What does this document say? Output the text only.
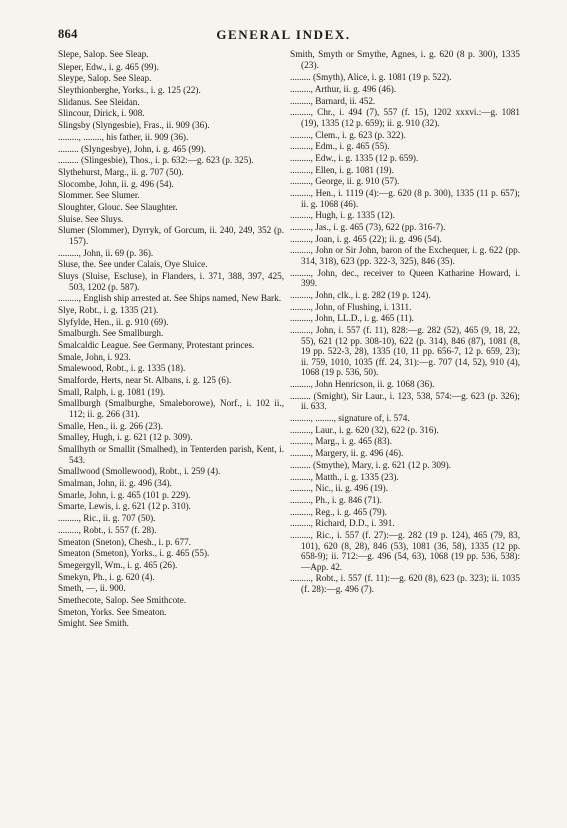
GENERAL INDEX.
864

Slepe, Salop. See Sleap.

Sleper, Edw., i. g. 465 (99).

Sleype, Salop. See Sleap.

Sleythionberghe, Yorks., i. g. 125 (22).

Slidanus. See Sleidan.

Slincour, Dirick, i. 908.

Slingsby (Slyngesbie), Fras., ii. 909 (36).

........., ........, his father, ii. 909 (36).

......... (Slyngesbye), John, i. g. 465 (99).

......... (Slingesbie), Thos., i. p. 632:—g. 623 (p. 325).

Slythehurst, Marg., ii. g. 707 (50).

Slocombe, John, ii. g. 496 (54).

Slommer. See Slumer.

Sloughter, Glouc. See Slaughter.

Sluise. See Sluys.

Slumer (Slommer), Dyrryk, of Gorcum, ii. 240, 249, 352 (p. 157).

........., John, ii. 69 (p. 36).

Sluse, the. See under Calais, Oye Sluice.

Sluys (Sluise, Escluse), in Flanders, i. 371, 388, 397, 425, 503, 1202 (p. 587).

........., English ship arrested at. See Ships named, New Bark.

Slye, Robt., i. g. 1335 (21).

Slyfylde, Hen., ii. g. 910 (69).

Smalburgh. See Smallburgh.

Smalcaldic League. See Germany, Protestant princes.

Smale, John, i. 923.

Smalewood, Robt., i. g. 1335 (18).

Smalforde, Herts, near St. Albans, i. g. 125 (6).

Small, Ralph, i. g. 1081 (19).

Smallburgh (Smalburghe, Smaleborowe), Norf., i. 102 ii., 112; ii. g. 266 (31).

Smalle, Hen., ii. g. 266 (23).

Smalley, Hugh, i. g. 621 (12 p. 309).

Smallhyth or Smallit (Smalhed), in Tenterden parish, Kent, i. 543.

Smallwood (Smollewood), Robt., i. 259 (4).

Smalman, John, ii. g. 496 (34).

Smarle, John, i. g. 465 (101 p. 229).

Smarte, Lewis, i. g. 621 (12 p. 310).

........., Ric., ii. g. 707 (50).

........., Robt., i. 557 (f. 28).

Smeaton (Sneton), Chesh., i. p. 677.

Smeaton (Smeton), Yorks., i. g. 465 (55).

Smegergyll, Wm., i. g. 465 (26).

Smekyn, Ph., i. g. 620 (4).

Smeth, —, ii. 900.

Smethecote, Salop. See Smithcote.

Smeton, Yorks. See Smeaton.

Smight. See Smith.

Smith, Smyth or Smythe, Agnes, i. g. 620 (8 p. 300), 1335 (23).

......... (Smyth), Alice, i. g. 1081 (19 p. 522).

........., Arthur, ii. g. 496 (46).

........., Barnard, ii. 452.

........., Chr., i. 494 (7), 557 (f. 15), 1202 xxxvi.:—g. 1081 (19), 1335 (12 p. 659); ii. g. 910 (32).

........., Clem., i. g. 623 (p. 322).

........., Edm., i. g. 465 (55).

........., Edw., i. g. 1335 (12 p. 659).

........., Ellen, i. g. 1081 (19).

........., George, ii. g. 910 (57).

........., Hen., i. 1119 (4):—g. 620 (8 p. 300), 1335 (11 p. 657); ii. g. 1068 (46).

........., Hugh, i. g. 1335 (12).

........., Jas., i. g. 465 (73), 622 (pp. 316-7).

........., Joan, i. g. 465 (22); ii. g. 496 (54).

........., John or Sir John, baron of the Exchequer, i. g. 622 (pp. 314, 318), 623 (pp. 322-3, 325), 846 (35).

........., John, dec., receiver to Queen Katharine Howard, i. 399.

........., John, clk., i. g. 282 (19 p. 124).

........., John, of Flushing, i. 1311.

........., John, LL.D., i. g. 465 (11).

........., John, i. 557 (f. 11), 828:—g. 282 (52), 465 (9, 18, 22, 55), 621 (12 pp. 308-10), 622 (p. 314), 846 (87), 1081 (8, 19 pp. 522-3, 28), 1335 (10, 11 pp. 656-7, 12 p. 659, 23); ii. 759, 1010, 1035 (ff. 24, 31):—g. 707 (14, 52), 910 (4), 1068 (19 p. 536, 50).

........., John Henricson, ii. g. 1068 (36).

......... (Smight), Sir Laur., i. 123, 538, 574:—g. 623 (p. 326); ii. 633.

........., ........, signature of, i. 574.

........., Laur., i. g. 620 (32), 622 (p. 316).

........., Marg., i. g. 465 (83).

........., Margery, ii. g. 496 (46).

......... (Smythe), Mary, i. g. 621 (12 p. 309).

........., Matth., i. g. 1335 (23).

........., Nic., ii. g. 496 (19).

........., Ph., i. g. 846 (71).

........., Reg., i. g. 465 (79).

........., Richard, D.D., i. 391.

........., Ric., i. 557 (f. 27):—g. 282 (19 p. 124), 465 (79, 83, 101), 620 (8, 28), 846 (53), 1081 (36, 58), 1335 (12 pp. 658-9); ii. 712:—g. 496 (54, 63), 1068 (19 pp. 536, 538):—App. 42.

........., Robt., i. 557 (f. 11):—g. 620 (8), 623 (p. 323); ii. 1035 (f. 28):—g. 496 (7).
